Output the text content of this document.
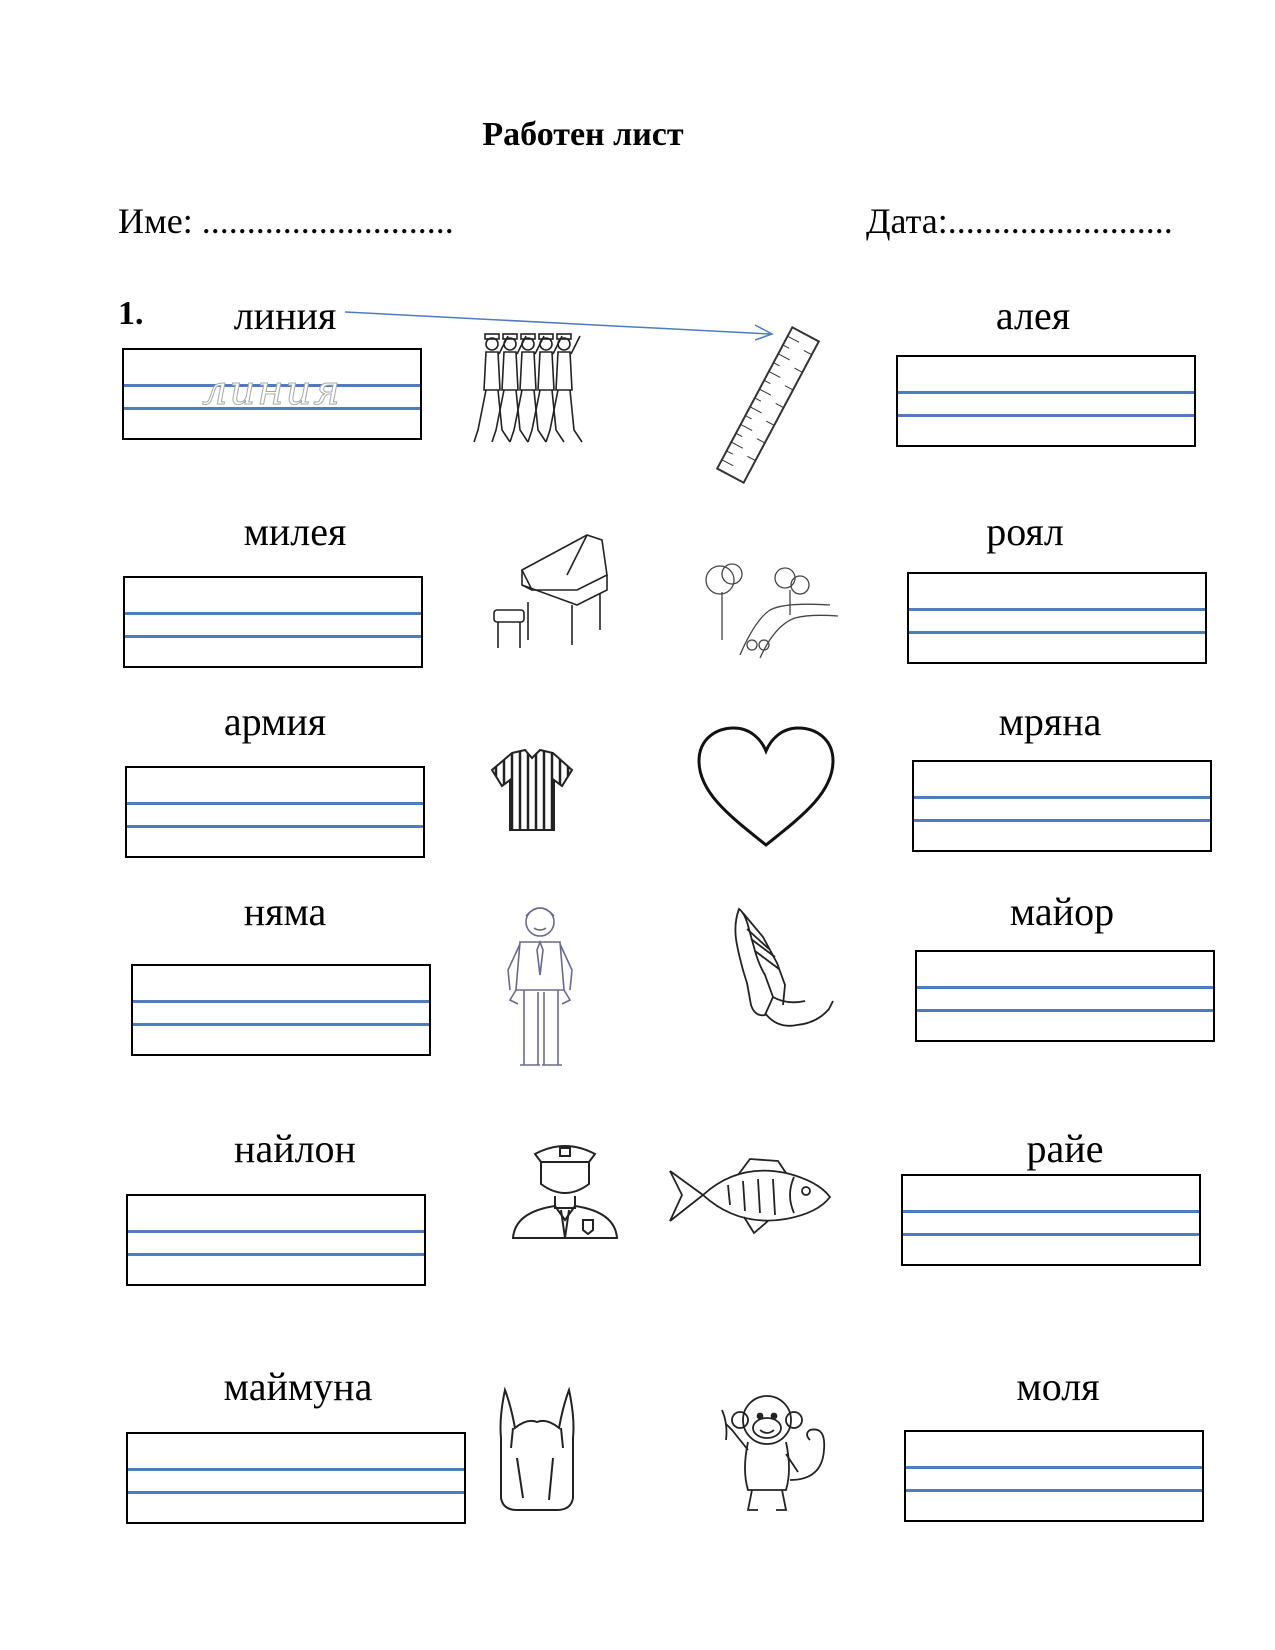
Работен лист
Име: ............................	Дата:.........................
1.	линия
линия
милея
армия
няма
найлон
маймуна
алея
роял
мряна
майор
райе
моля
